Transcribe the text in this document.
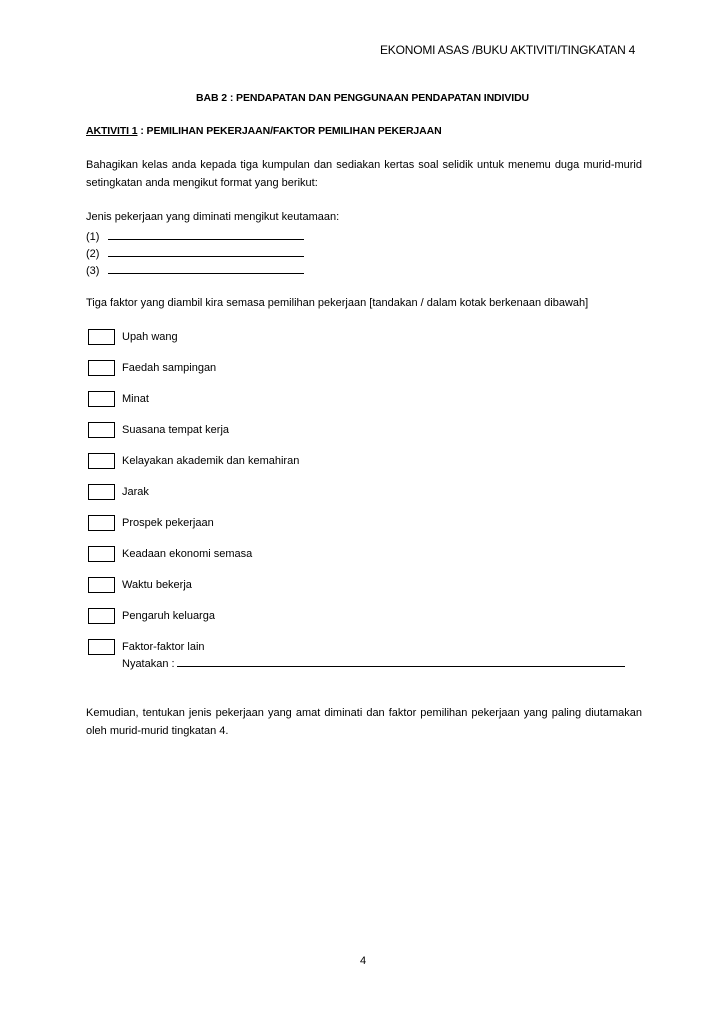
EKONOMI ASAS /BUKU AKTIVITI/TINGKATAN 4
BAB 2 : PENDAPATAN DAN PENGGUNAAN PENDAPATAN INDIVIDU
AKTIVITI 1 : PEMILIHAN PEKERJAAN/FAKTOR PEMILIHAN PEKERJAAN
Bahagikan kelas anda kepada tiga kumpulan dan sediakan kertas soal selidik untuk menemu duga murid-murid setingkatan anda mengikut format yang berikut:
Jenis pekerjaan yang diminati mengikut keutamaan:
(1)
(2)
(3)
Tiga faktor yang diambil kira semasa pemilihan pekerjaan [tandakan / dalam kotak berkenaan dibawah]
Upah wang
Faedah sampingan
Minat
Suasana tempat kerja
Kelayakan akademik dan kemahiran
Jarak
Prospek pekerjaan
Keadaan ekonomi semasa
Waktu bekerja
Pengaruh keluarga
Faktor-faktor lain
Nyatakan :
Kemudian, tentukan jenis pekerjaan yang amat diminati dan faktor pemilihan pekerjaan yang paling diutamakan oleh murid-murid tingkatan 4.
4
